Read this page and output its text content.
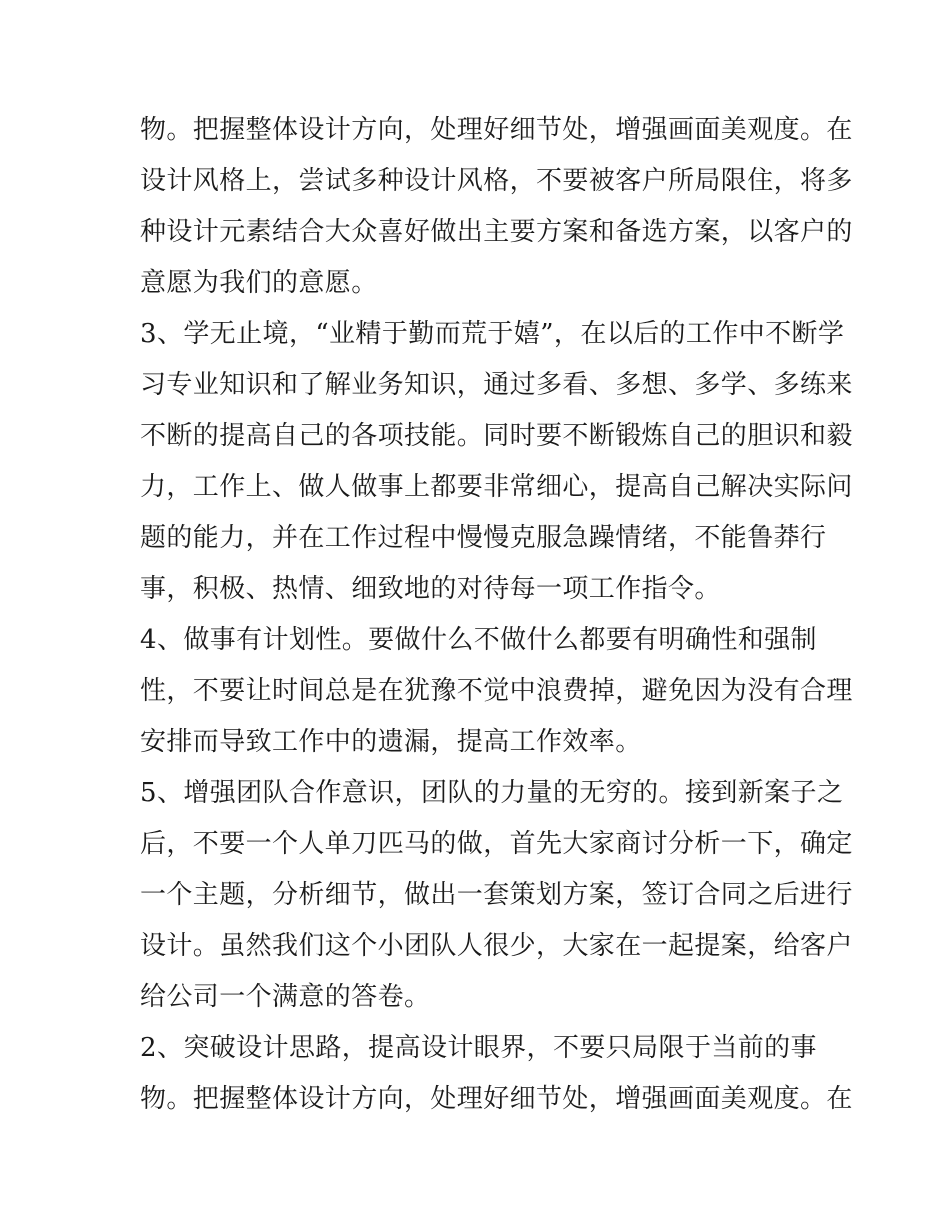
物。把握整体设计方向，处理好细节处，增强画面美观度。在
设计风格上，尝试多种设计风格，不要被客户所局限住，将多
种设计元素结合大众喜好做出主要方案和备选方案，以客户的
意愿为我们的意愿。
3、学无止境，“业精于勤而荒于嬉”，在以后的工作中不断学
习专业知识和了解业务知识，通过多看、多想、多学、多练来
不断的提高自己的各项技能。同时要不断锻炼自己的胆识和毅
力，工作上、做人做事上都要非常细心，提高自己解决实际问
题的能力，并在工作过程中慢慢克服急躁情绪，不能鲁莽行
事，积极、热情、细致地的对待每一项工作指令。
4、做事有计划性。要做什么不做什么都要有明确性和强制
性，不要让时间总是在犹豫不觉中浪费掉，避免因为没有合理
安排而导致工作中的遗漏，提高工作效率。
5、增强团队合作意识，团队的力量的无穷的。接到新案子之
后，不要一个人单刀匹马的做，首先大家商讨分析一下，确定
一个主题，分析细节，做出一套策划方案，签订合同之后进行
设计。虽然我们这个小团队人很少，大家在一起提案，给客户
给公司一个满意的答卷。
2、突破设计思路，提高设计眼界，不要只局限于当前的事
物。把握整体设计方向，处理好细节处，增强画面美观度。在
